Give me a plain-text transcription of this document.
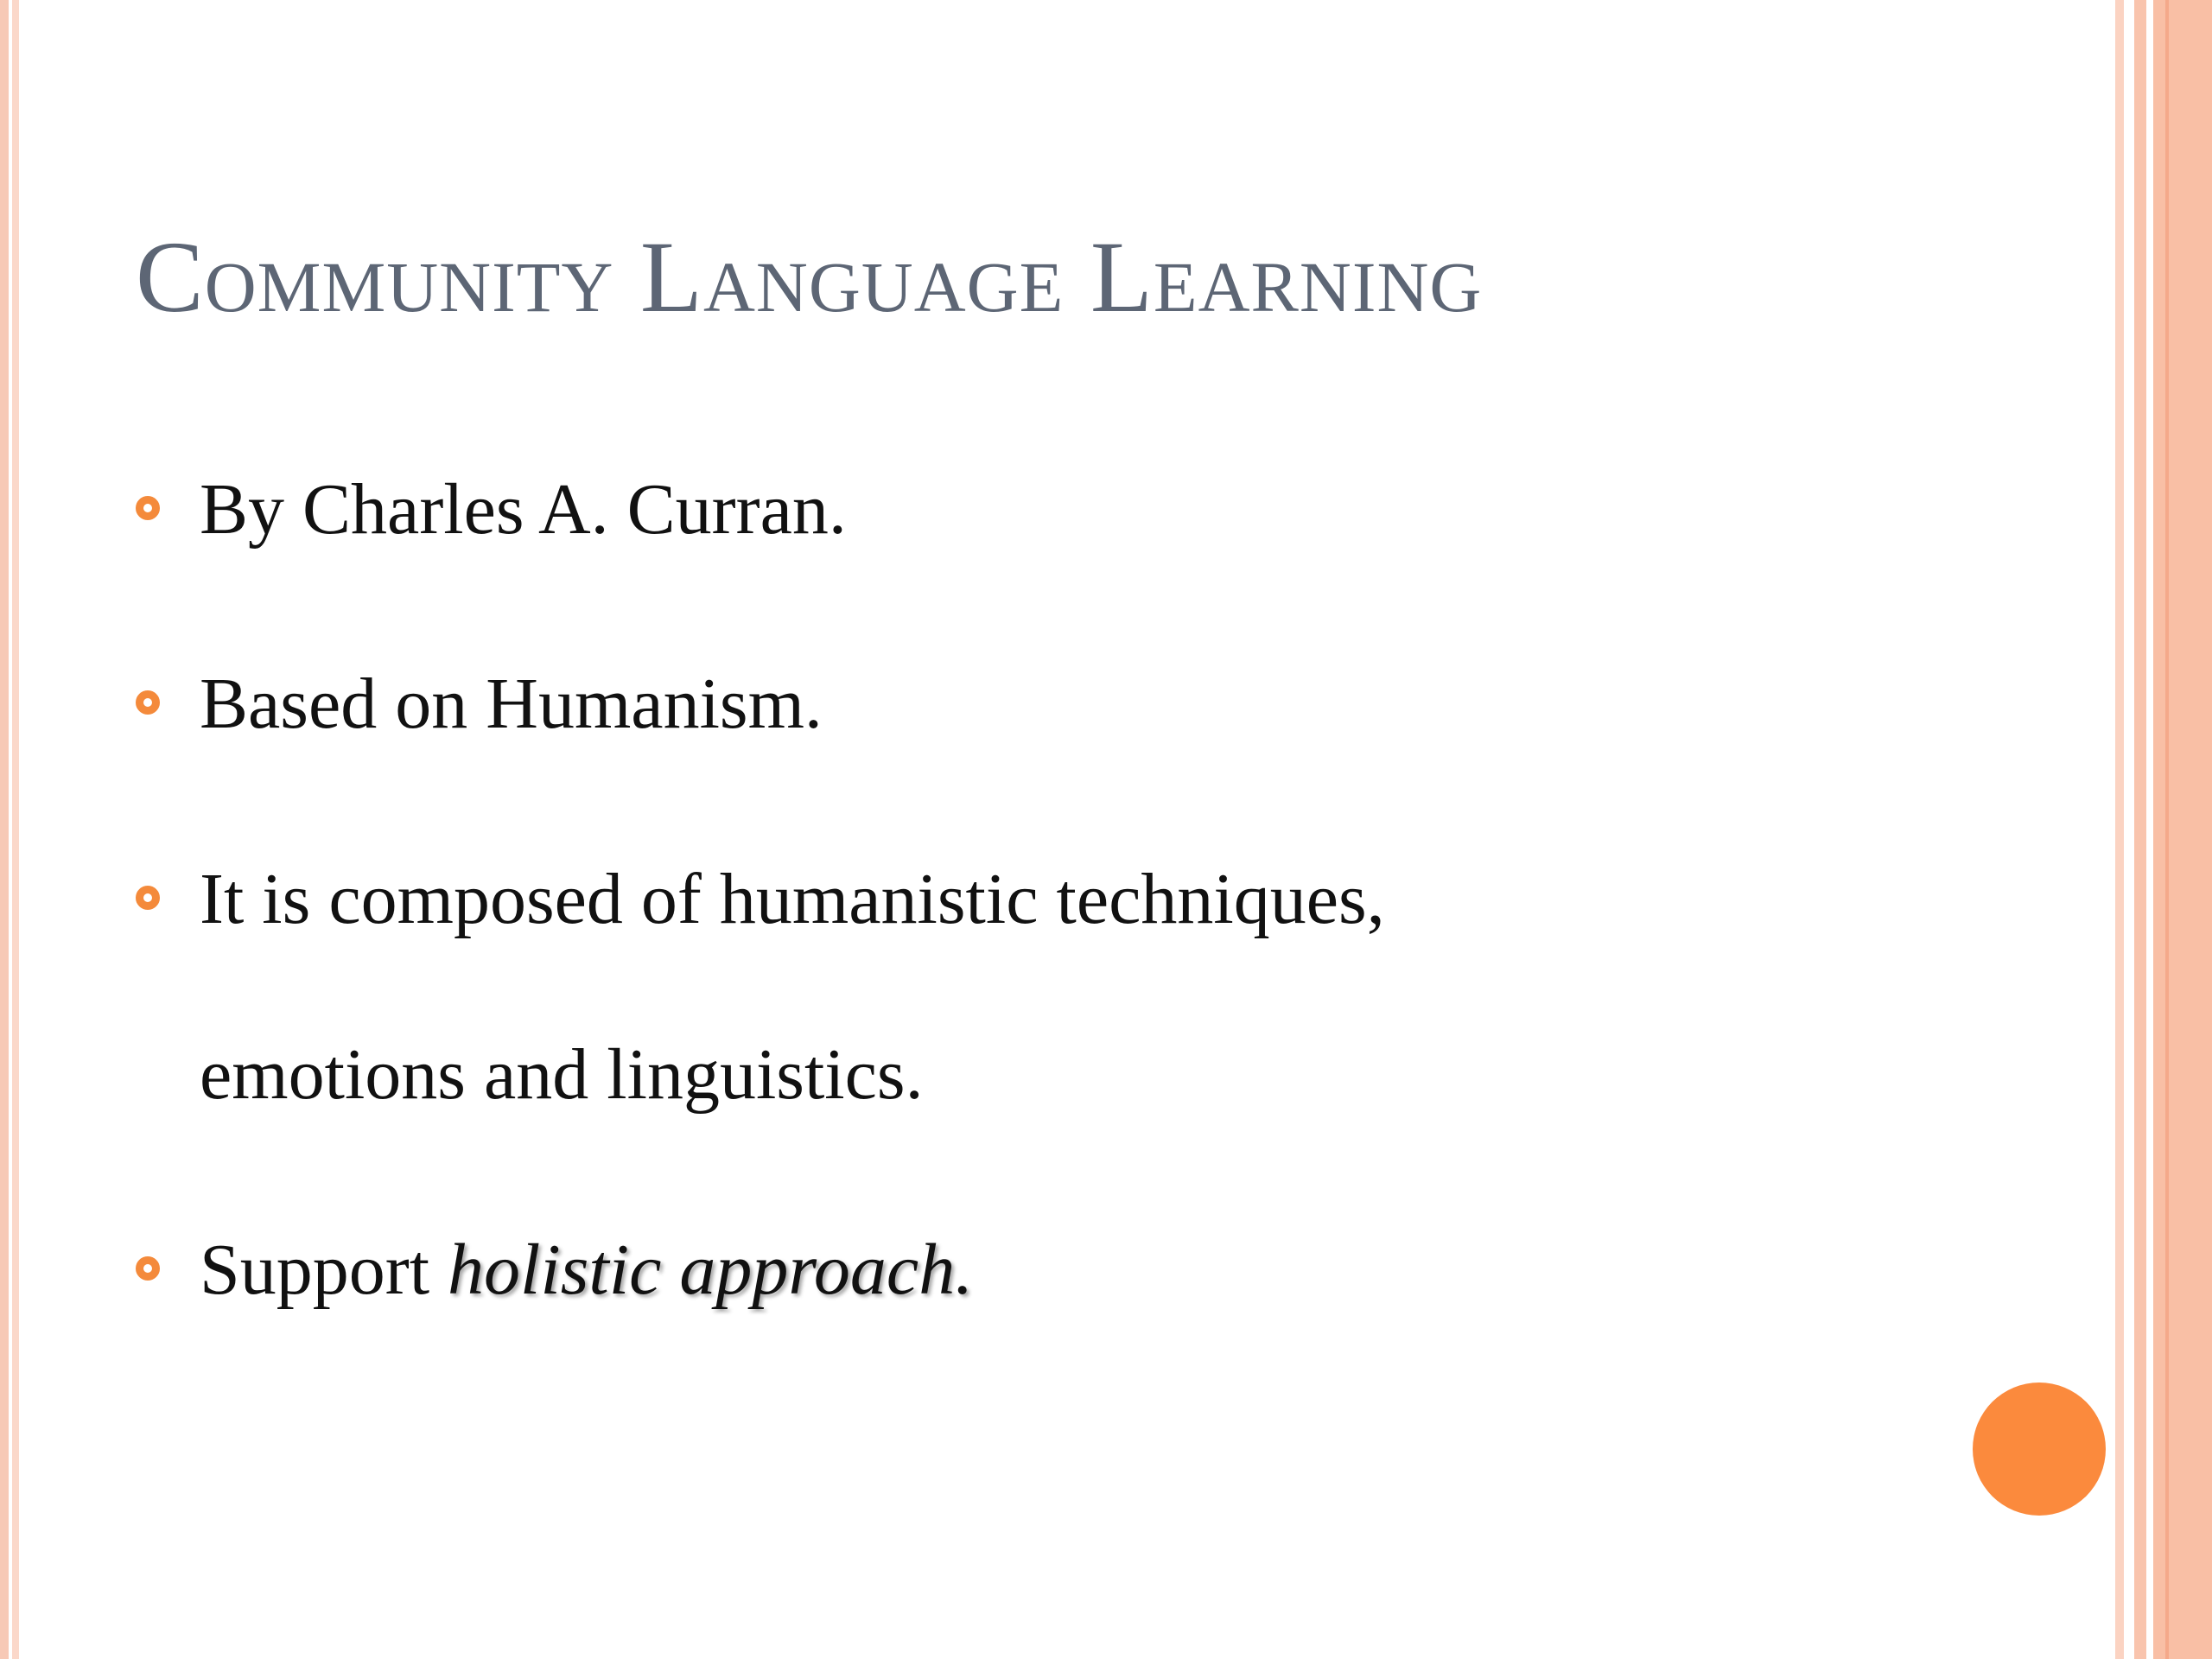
Community Language Learning
By Charles A. Curran.
Based on Humanism.
It is composed of humanistic techniques,
emotions and linguistics.
Support holistic approach.
